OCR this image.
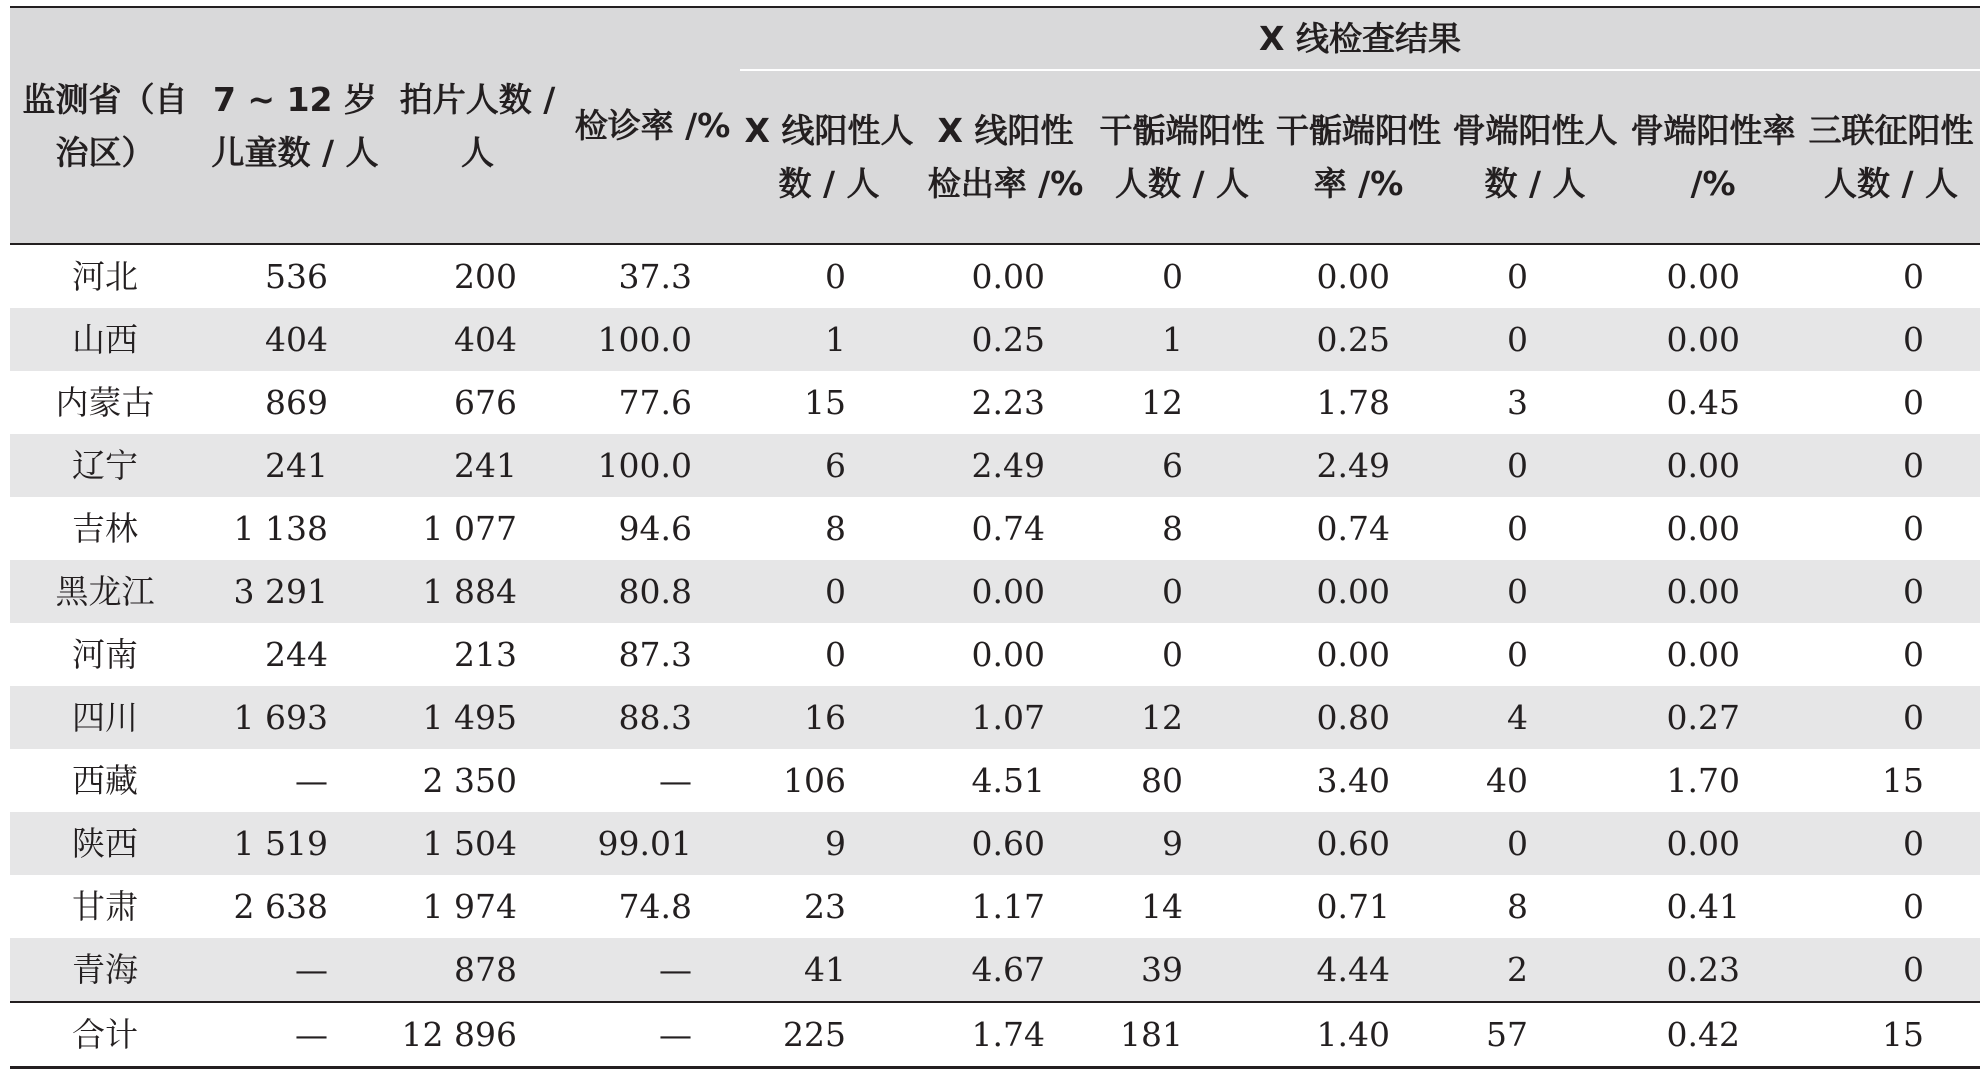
监测省（自治区）	7 ~ 12 岁儿童数 / 人	拍片人数 / 人	检诊率 /%	X 线检查结果						
				X 线阳性人数 / 人	X 线阳性检出率 /%	干骺端阳性人数 / 人	干骺端阳性率 /%	骨端阳性人数 / 人	骨端阳性率 /%	三联征阳性人数 / 人
河北	536	200	37.3	0	0.00	0	0.00	0	0.00	0
山西	404	404	100.0	1	0.25	1	0.25	0	0.00	0
内蒙古	869	676	77.6	15	2.23	12	1.78	3	0.45	0
辽宁	241	241	100.0	6	2.49	6	2.49	0	0.00	0
吉林	1 138	1 077	94.6	8	0.74	8	0.74	0	0.00	0
黑龙江	3 291	1 884	80.8	0	0.00	0	0.00	0	0.00	0
河南	244	213	87.3	0	0.00	0	0.00	0	0.00	0
四川	1 693	1 495	88.3	16	1.07	12	0.80	4	0.27	0
西藏	—	2 350	—	106	4.51	80	3.40	40	1.70	15
陕西	1 519	1 504	99.01	9	0.60	9	0.60	0	0.00	0
甘肃	2 638	1 974	74.8	23	1.17	14	0.71	8	0.41	0
青海	—	878	—	41	4.67	39	4.44	2	0.23	0
合计	—	12 896	—	225	1.74	181	1.40	57	0.42	15
